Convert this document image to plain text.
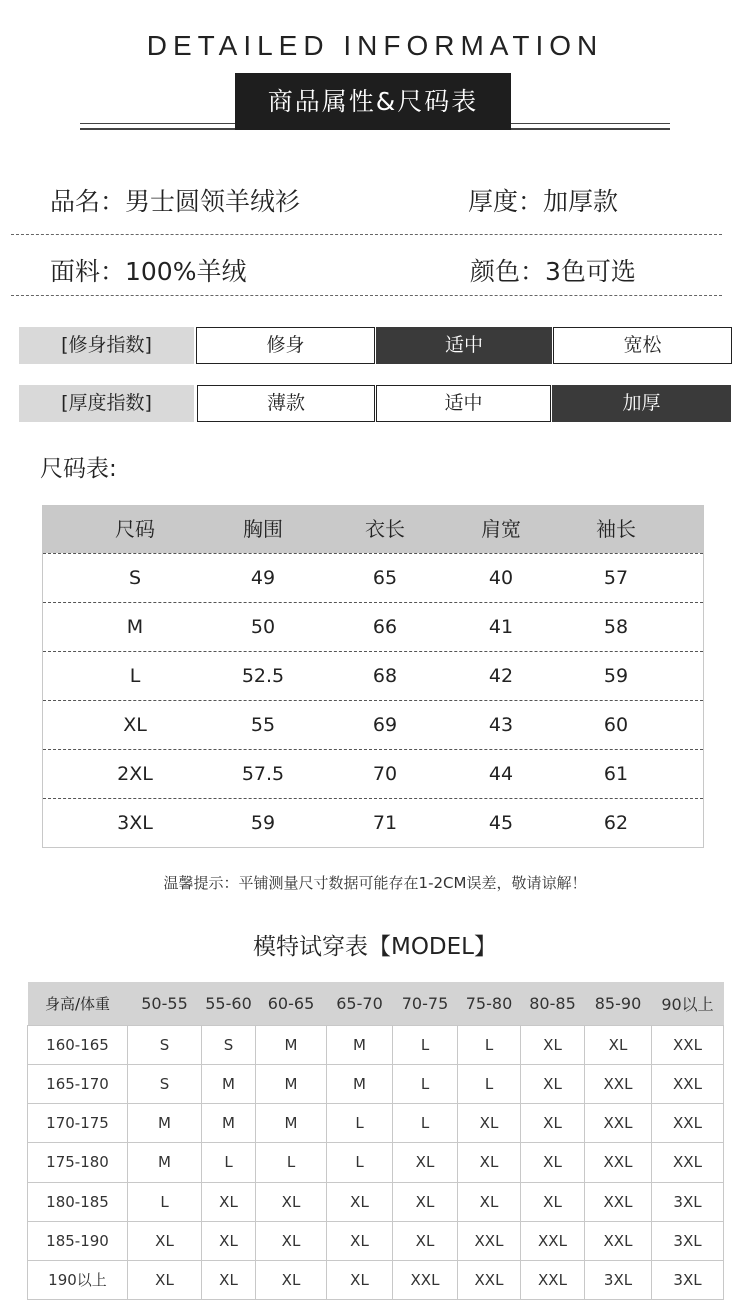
DETAILED INFORMATION
商品属性&尺码表
品名：男士圆领羊绒衫	厚度：加厚款
面料：100%羊绒	颜色：3色可选
[修身指数]	修身	适中	宽松
[厚度指数]	薄款	适中	加厚
尺码表:
尺码	胸围	衣长	肩宽	袖长
S	49	65	40	57
M	50	66	41	58
L	52.5	68	42	59
XL	55	69	43	60
2XL	57.5	70	44	61
3XL	59	71	45	62
温馨提示：平铺测量尺寸数据可能存在1-2CM误差，敬请谅解！
模特试穿表【MODEL】
身高/体重	50-55	55-60	60-65	65-70	70-75	75-80	80-85	85-90	90以上
160-165	S	S	M	M	L	L	XL	XL	XXL
165-170	S	M	M	M	L	L	XL	XXL	XXL
170-175	M	M	M	L	L	XL	XL	XXL	XXL
175-180	M	L	L	L	XL	XL	XL	XXL	XXL
180-185	L	XL	XL	XL	XL	XL	XL	XXL	3XL
185-190	XL	XL	XL	XL	XL	XXL	XXL	XXL	3XL
190以上	XL	XL	XL	XL	XXL	XXL	XXL	3XL	3XL
